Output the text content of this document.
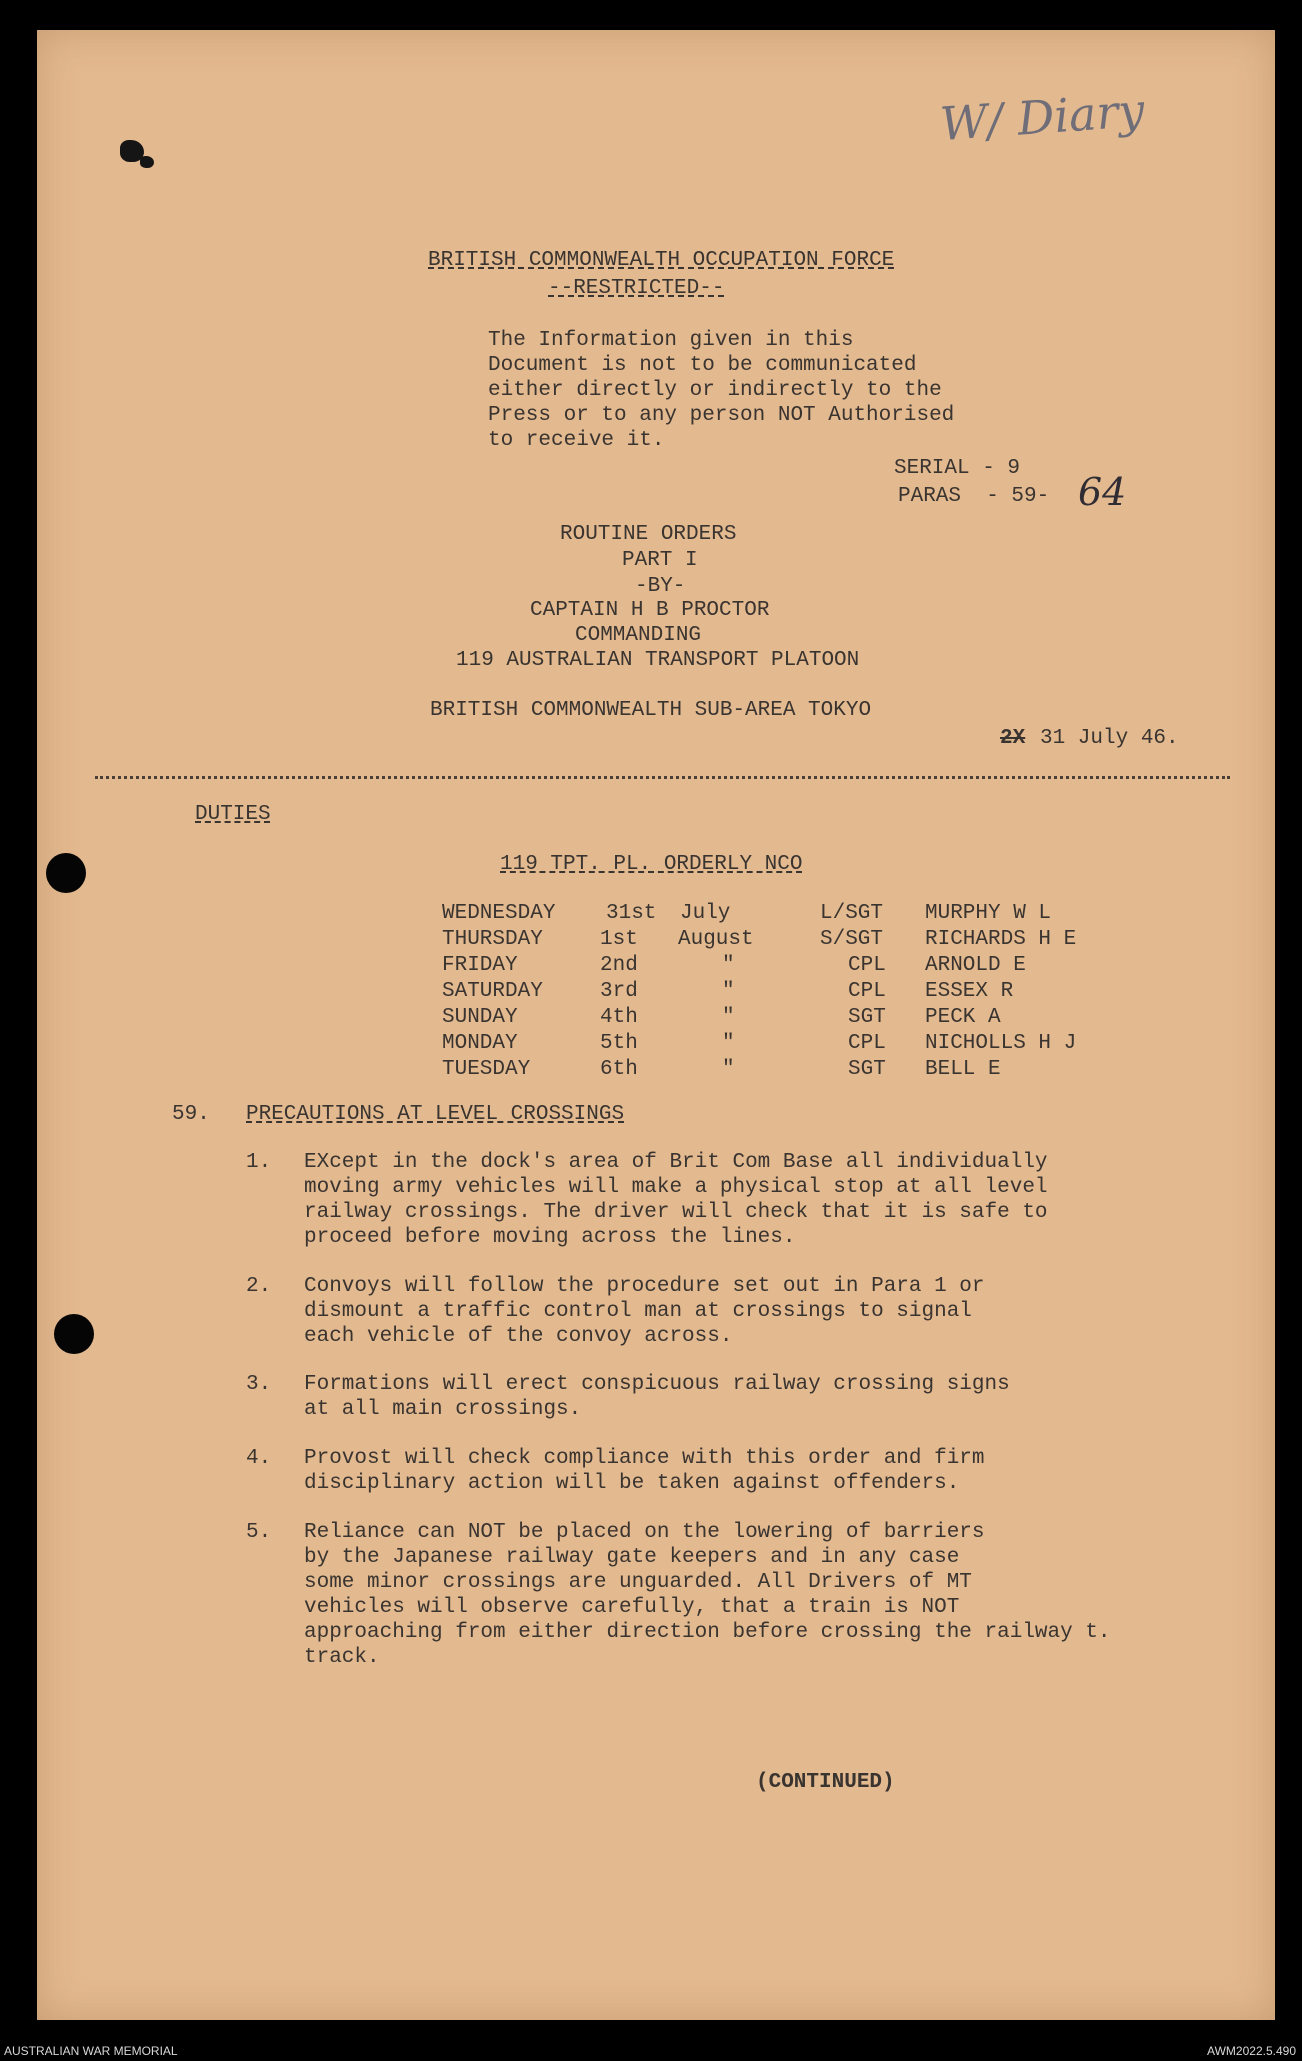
W/ Diary
BRITISH COMMONWEALTH OCCUPATION FORCE
--RESTRICTED--
The Information given in this
Document is not to be communicated
either directly or indirectly to the
Press or to any person NOT Authorised
to receive it.
SERIAL - 9
PARAS  - 59- 64
ROUTINE ORDERS
PART I
-BY-
CAPTAIN H B PROCTOR
COMMANDING
119 AUSTRALIAN TRANSPORT PLATOON
BRITISH COMMONWEALTH SUB-AREA TOKYO
2X 31 July 46.
DUTIES
119 TPT. PL. ORDERLY NCO
WEDNESDAY 31st July	L/SGT MURPHY W L
THURSDAY	1st August	S/SGT RICHARDS H E
FRIDAY	2nd	"	CPL ARNOLD E
SATURDAY	3rd	"	CPL ESSEX R
SUNDAY	4th	"	SGT PECK A
MONDAY	5th	"	CPL NICHOLLS H J
TUESDAY	6th	"	SGT BELL E
59. PRECAUTIONS AT LEVEL CROSSINGS
1. EXcept in the dock's area of Brit Com Base all individually
moving army vehicles will make a physical stop at all level
railway crossings. The driver will check that it is safe to
proceed before moving across the lines.
2. Convoys will follow the procedure set out in Para 1 or
dismount a traffic control man at crossings to signal
each vehicle of the convoy across.
3. Formations will erect conspicuous railway crossing signs
at all main crossings.
4. Provost will check compliance with this order and firm
disciplinary action will be taken against offenders.
5. Reliance can NOT be placed on the lowering of barriers
by the Japanese railway gate keepers and in any case
some minor crossings are unguarded. All Drivers of MT
vehicles will observe carefully, that a train is NOT
approaching from either direction before crossing the railway t.
track.
(CONTINUED)
AUSTRALIAN WAR MEMORIAL	AWM2022.5.490
